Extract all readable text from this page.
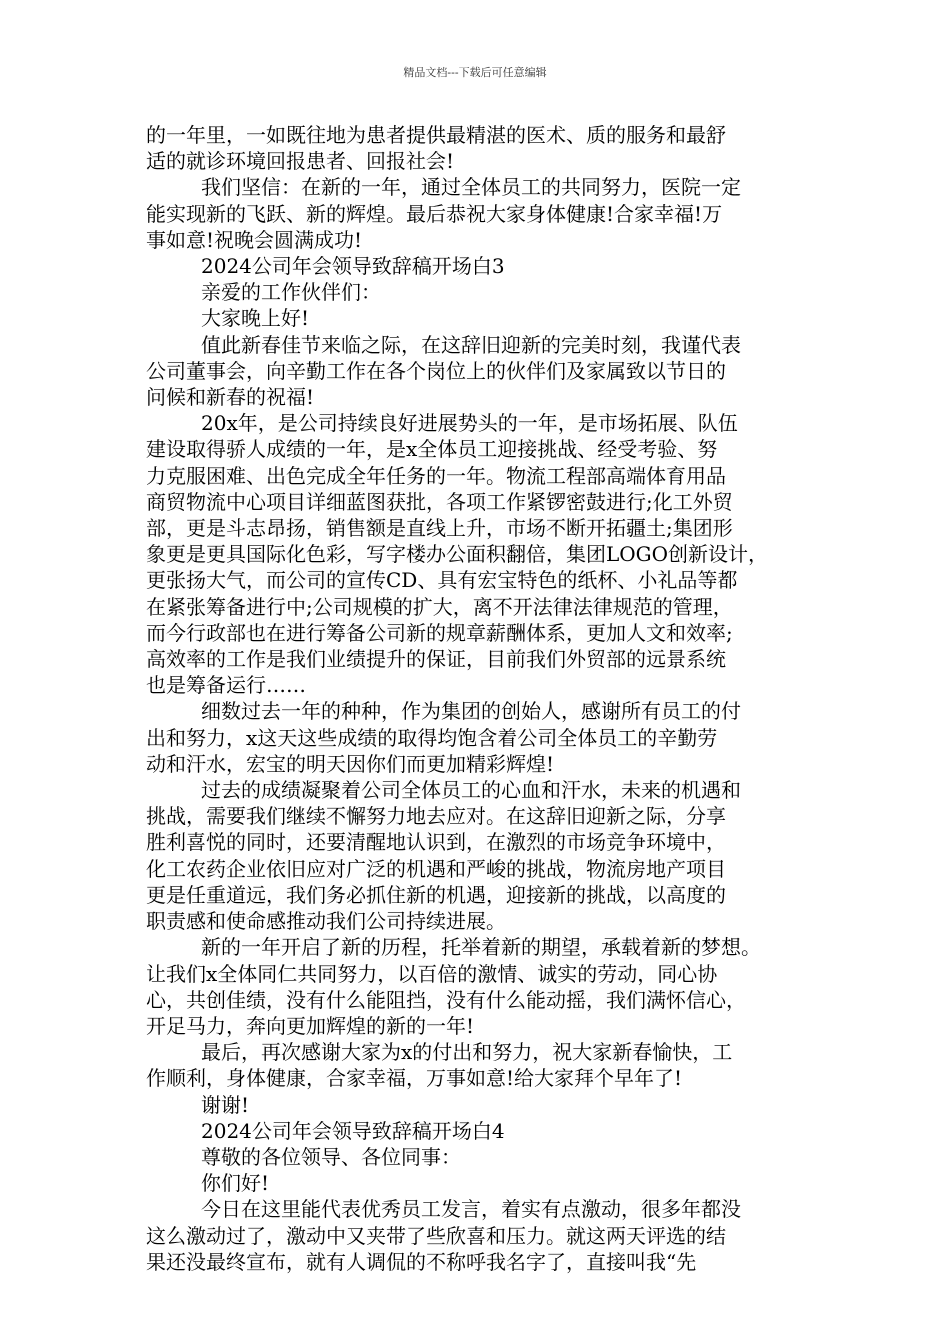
精品文档---下载后可任意编辑

的一年里，一如既往地为患者提供最精湛的医术、质的服务和最舒

适的就诊环境回报患者、回报社会!

我们坚信：在新的一年，通过全体员工的共同努力，医院一定

能实现新的飞跃、新的辉煌。最后恭祝大家身体健康!合家幸福!万

事如意!祝晚会圆满成功!

2024公司年会领导致辞稿开场白3

亲爱的工作伙伴们：

大家晚上好!

值此新春佳节来临之际，在这辞旧迎新的完美时刻，我谨代表

公司董事会，向辛勤工作在各个岗位上的伙伴们及家属致以节日的

问候和新春的祝福!

20x年，是公司持续良好进展势头的一年，是市场拓展、队伍

建设取得骄人成绩的一年，是x全体员工迎接挑战、经受考验、努

力克服困难、出色完成全年任务的一年。物流工程部高端体育用品

商贸物流中心项目详细蓝图获批，各项工作紧锣密鼓进行;化工外贸

部，更是斗志昂扬，销售额是直线上升，市场不断开拓疆土;集团形

象更是更具国际化色彩，写字楼办公面积翻倍，集团LOGO创新设计，

更张扬大气，而公司的宣传CD、具有宏宝特色的纸杯、小礼品等都

在紧张筹备进行中;公司规模的扩大，离不开法律法律规范的管理，

而今行政部也在进行筹备公司新的规章薪酬体系，更加人文和效率;

高效率的工作是我们业绩提升的保证，目前我们外贸部的远景系统

也是筹备运行……

细数过去一年的种种，作为集团的创始人，感谢所有员工的付

出和努力，x这天这些成绩的取得均饱含着公司全体员工的辛勤劳

动和汗水，宏宝的明天因你们而更加精彩辉煌!

过去的成绩凝聚着公司全体员工的心血和汗水，未来的机遇和

挑战，需要我们继续不懈努力地去应对。在这辞旧迎新之际，分享

胜利喜悦的同时，还要清醒地认识到，在激烈的市场竞争环境中，

化工农药企业依旧应对广泛的机遇和严峻的挑战，物流房地产项目

更是任重道远，我们务必抓住新的机遇，迎接新的挑战，以高度的

职责感和使命感推动我们公司持续进展。

新的一年开启了新的历程，托举着新的期望，承载着新的梦想。

让我们x全体同仁共同努力，以百倍的激情、诚实的劳动，同心协

心，共创佳绩，没有什么能阻挡，没有什么能动摇，我们满怀信心，

开足马力，奔向更加辉煌的新的一年!

最后，再次感谢大家为x的付出和努力，祝大家新春愉快，工

作顺利，身体健康，合家幸福，万事如意!给大家拜个早年了!

谢谢!

2024公司年会领导致辞稿开场白4

尊敬的各位领导、各位同事：

你们好!

今日在这里能代表优秀员工发言，着实有点激动，很多年都没

这么激动过了，激动中又夹带了些欣喜和压力。就这两天评选的结

果还没最终宣布，就有人调侃的不称呼我名字了，直接叫我“先
